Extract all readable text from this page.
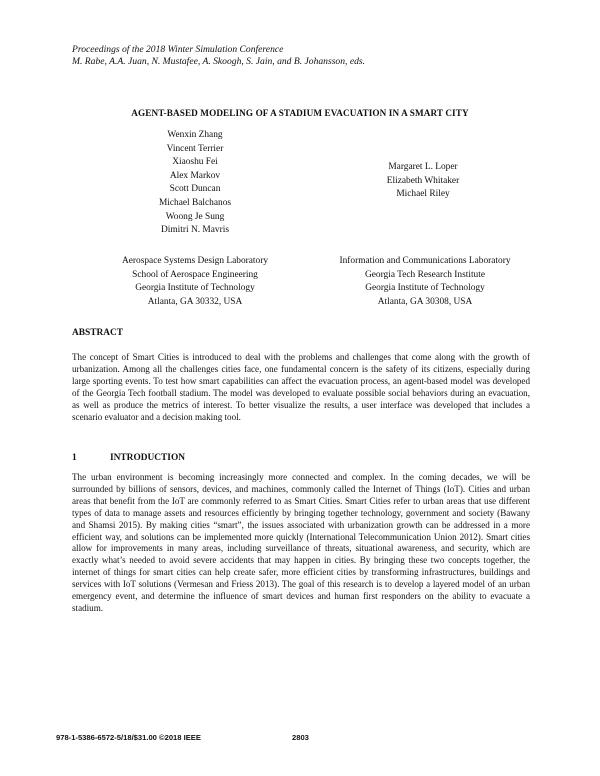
Proceedings of the 2018 Winter Simulation Conference
M. Rabe, A.A. Juan, N. Mustafee, A. Skoogh, S. Jain, and B. Johansson, eds.
AGENT-BASED MODELING OF A STADIUM EVACUATION IN A SMART CITY
Wenxin Zhang
Vincent Terrier
Xiaoshu Fei
Alex Markov
Scott Duncan
Michael Balchanos
Woong Je Sung
Dimitri N. Mavris
Margaret L. Loper
Elizabeth Whitaker
Michael Riley
Aerospace Systems Design Laboratory
School of Aerospace Engineering
Georgia Institute of Technology
Atlanta, GA 30332, USA
Information and Communications Laboratory
Georgia Tech Research Institute
Georgia Institute of Technology
Atlanta, GA 30308, USA
ABSTRACT
The concept of Smart Cities is introduced to deal with the problems and challenges that come along with the growth of urbanization. Among all the challenges cities face, one fundamental concern is the safety of its citizens, especially during large sporting events. To test how smart capabilities can affect the evacuation process, an agent-based model was developed of the Georgia Tech football stadium. The model was developed to evaluate possible social behaviors during an evacuation, as well as produce the metrics of interest. To better visualize the results, a user interface was developed that includes a scenario evaluator and a decision making tool.
1	INTRODUCTION
The urban environment is becoming increasingly more connected and complex. In the coming decades, we will be surrounded by billions of sensors, devices, and machines, commonly called the Internet of Things (IoT). Cities and urban areas that benefit from the IoT are commonly referred to as Smart Cities. Smart Cities refer to urban areas that use different types of data to manage assets and resources efficiently by bringing together technology, government and society (Bawany and Shamsi 2015). By making cities “smart”, the issues associated with urbanization growth can be addressed in a more efficient way, and solutions can be implemented more quickly (International Telecommunication Union 2012). Smart cities allow for improvements in many areas, including surveillance of threats, situational awareness, and security, which are exactly what’s needed to avoid severe accidents that may happen in cities. By bringing these two concepts together, the internet of things for smart cities can help create safer, more efficient cities by transforming infrastructures, buildings and services with IoT solutions (Vermesan and Friess 2013). The goal of this research is to develop a layered model of an urban emergency event, and determine the influence of smart devices and human first responders on the ability to evacuate a stadium.
978-1-5386-6572-5/18/$31.00 ©2018 IEEE	2803
